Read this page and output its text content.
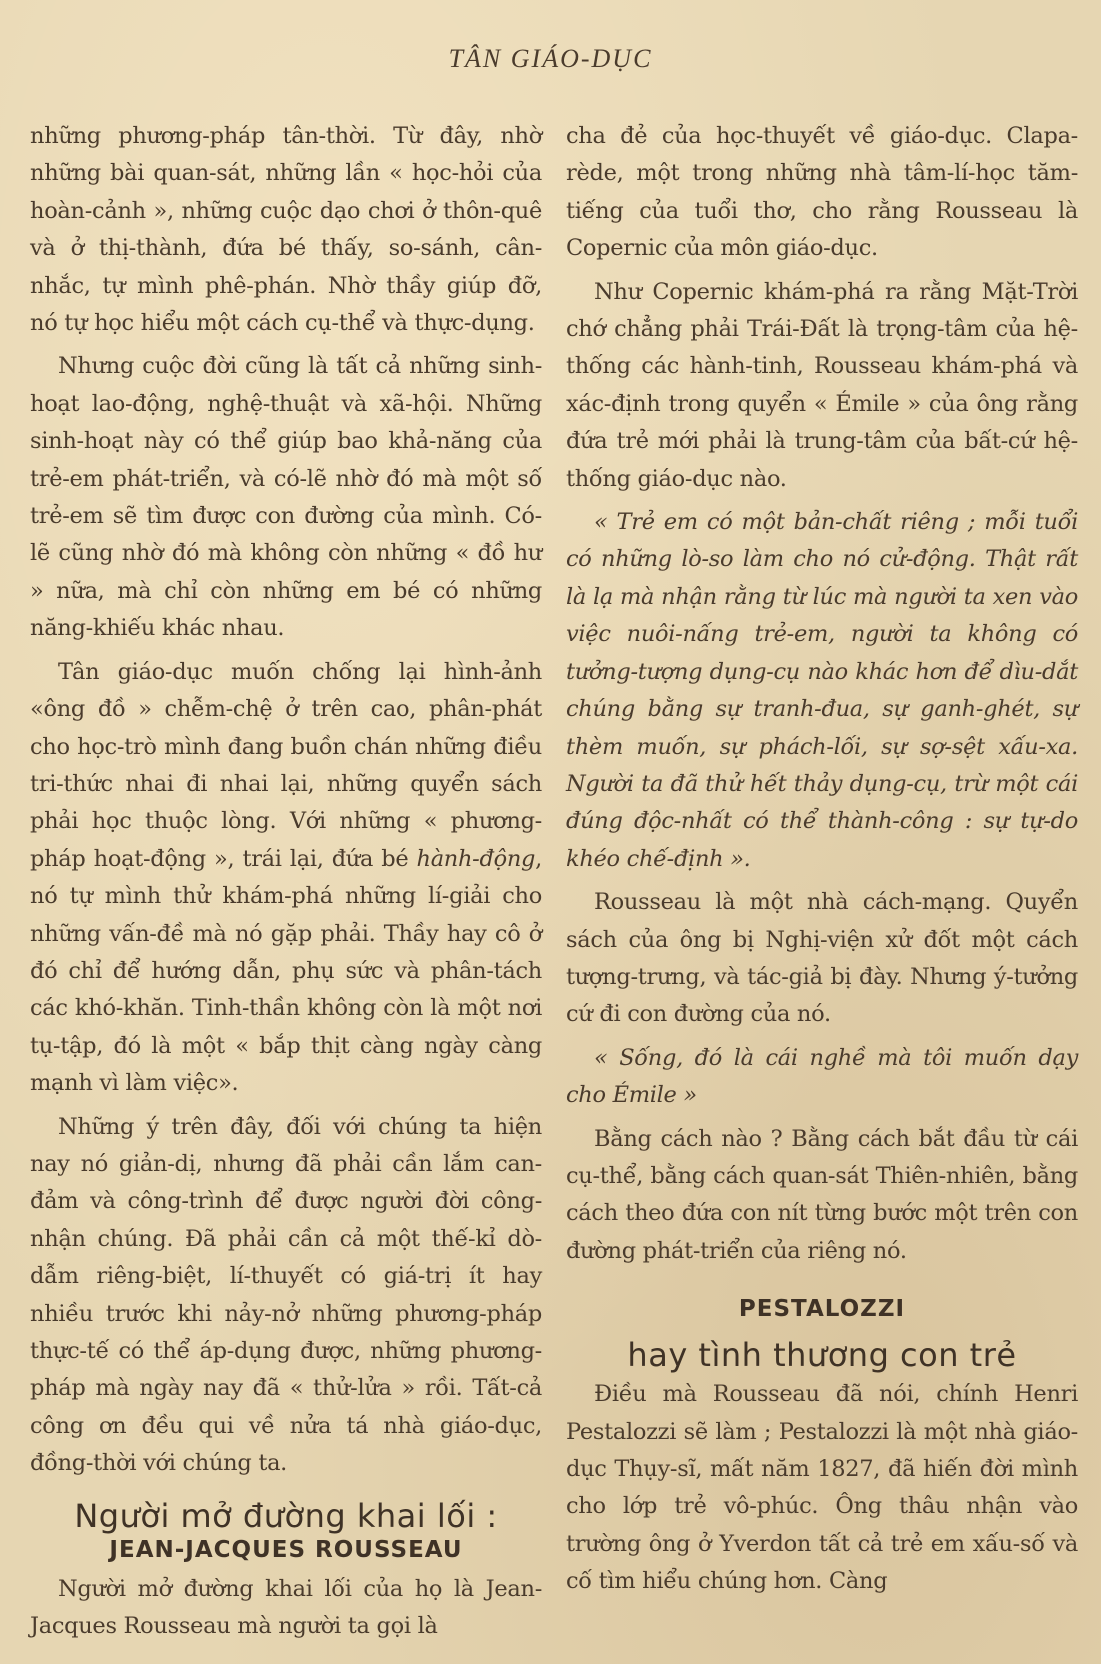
TÂN GIÁO-DỤC

những phương-pháp tân-thời. Từ đây, nhờ những bài quan-sát, những lần « học-hỏi của hoàn-cảnh », những cuộc dạo chơi ở thôn-quê và ở thị-thành, đứa bé thấy, so-sánh, cân-nhắc, tự mình phê-phán. Nhờ thầy giúp đỡ, nó tự học hiểu một cách cụ-thể và thực-dụng.

Nhưng cuộc đời cũng là tất cả những sinh-hoạt lao-động, nghệ-thuật và xã-hội. Những sinh-hoạt này có thể giúp bao khả-năng của trẻ-em phát-triển, và có-lẽ nhờ đó mà một số trẻ-em sẽ tìm được con đường của mình. Có-lẽ cũng nhờ đó mà không còn những « đồ hư » nữa, mà chỉ còn những em bé có những năng-khiếu khác nhau.

Tân giáo-dục muốn chống lại hình-ảnh «ông đồ » chễm-chệ ở trên cao, phân-phát cho học-trò mình đang buồn chán những điều tri-thức nhai đi nhai lại, những quyển sách phải học thuộc lòng. Với những « phương-pháp hoạt-động », trái lại, đứa bé hành-động, nó tự mình thử khám-phá những lí-giải cho những vấn-đề mà nó gặp phải. Thầy hay cô ở đó chỉ để hướng dẫn, phụ sức và phân-tách các khó-khăn. Tinh-thần không còn là một nơi tụ-tập, đó là một « bắp thịt càng ngày càng mạnh vì làm việc».

Những ý trên đây, đối với chúng ta hiện nay nó giản-dị, nhưng đã phải cần lắm can-đảm và công-trình để được người đời công-nhận chúng. Đã phải cần cả một thế-kỉ dò-dẫm riêng-biệt, lí-thuyết có giá-trị ít hay nhiều trước khi nảy-nở những phương-pháp thực-tế có thể áp-dụng được, những phương-pháp mà ngày nay đã « thử-lửa » rồi. Tất-cả công ơn đều qui về nửa tá nhà giáo-dục, đồng-thời với chúng ta.

Người mở đường khai lối :
JEAN-JACQUES ROUSSEAU

Người mở đường khai lối của họ là Jean-Jacques Rousseau mà người ta gọi là

cha đẻ của học-thuyết về giáo-dục. Clapa-rède, một trong những nhà tâm-lí-học tăm-tiếng của tuổi thơ, cho rằng Rousseau là Copernic của môn giáo-dục.

Như Copernic khám-phá ra rằng Mặt-Trời chớ chẳng phải Trái-Đất là trọng-tâm của hệ-thống các hành-tinh, Rousseau khám-phá và xác-định trong quyển « Émile » của ông rằng đứa trẻ mới phải là trung-tâm của bất-cứ hệ-thống giáo-dục nào.

« Trẻ em có một bản-chất riêng ; mỗi tuổi có những lò-so làm cho nó cử-động. Thật rất là lạ mà nhận rằng từ lúc mà người ta xen vào việc nuôi-nấng trẻ-em, người ta không có tưởng-tượng dụng-cụ nào khác hơn để dìu-dắt chúng bằng sự tranh-đua, sự ganh-ghét, sự thèm muốn, sự phách-lối, sự sợ-sệt xấu-xa. Người ta đã thử hết thảy dụng-cụ, trừ một cái đúng độc-nhất có thể thành-công : sự tự-do khéo chế-định ».

Rousseau là một nhà cách-mạng. Quyển sách của ông bị Nghị-viện xử đốt một cách tượng-trưng, và tác-giả bị đày. Nhưng ý-tưởng cứ đi con đường của nó.

« Sống, đó là cái nghề mà tôi muốn dạy cho Émile »

Bằng cách nào ? Bằng cách bắt đầu từ cái cụ-thể, bằng cách quan-sát Thiên-nhiên, bằng cách theo đứa con nít từng bước một trên con đường phát-triển của riêng nó.

PESTALOZZI
hay tình thương con trẻ

Điều mà Rousseau đã nói, chính Henri Pestalozzi sẽ làm ; Pestalozzi là một nhà giáo-dục Thụy-sĩ, mất năm 1827, đã hiến đời mình cho lớp trẻ vô-phúc. Ông thâu nhận vào trường ông ở Yverdon tất cả trẻ em xấu-số và cố tìm hiểu chúng hơn. Càng
